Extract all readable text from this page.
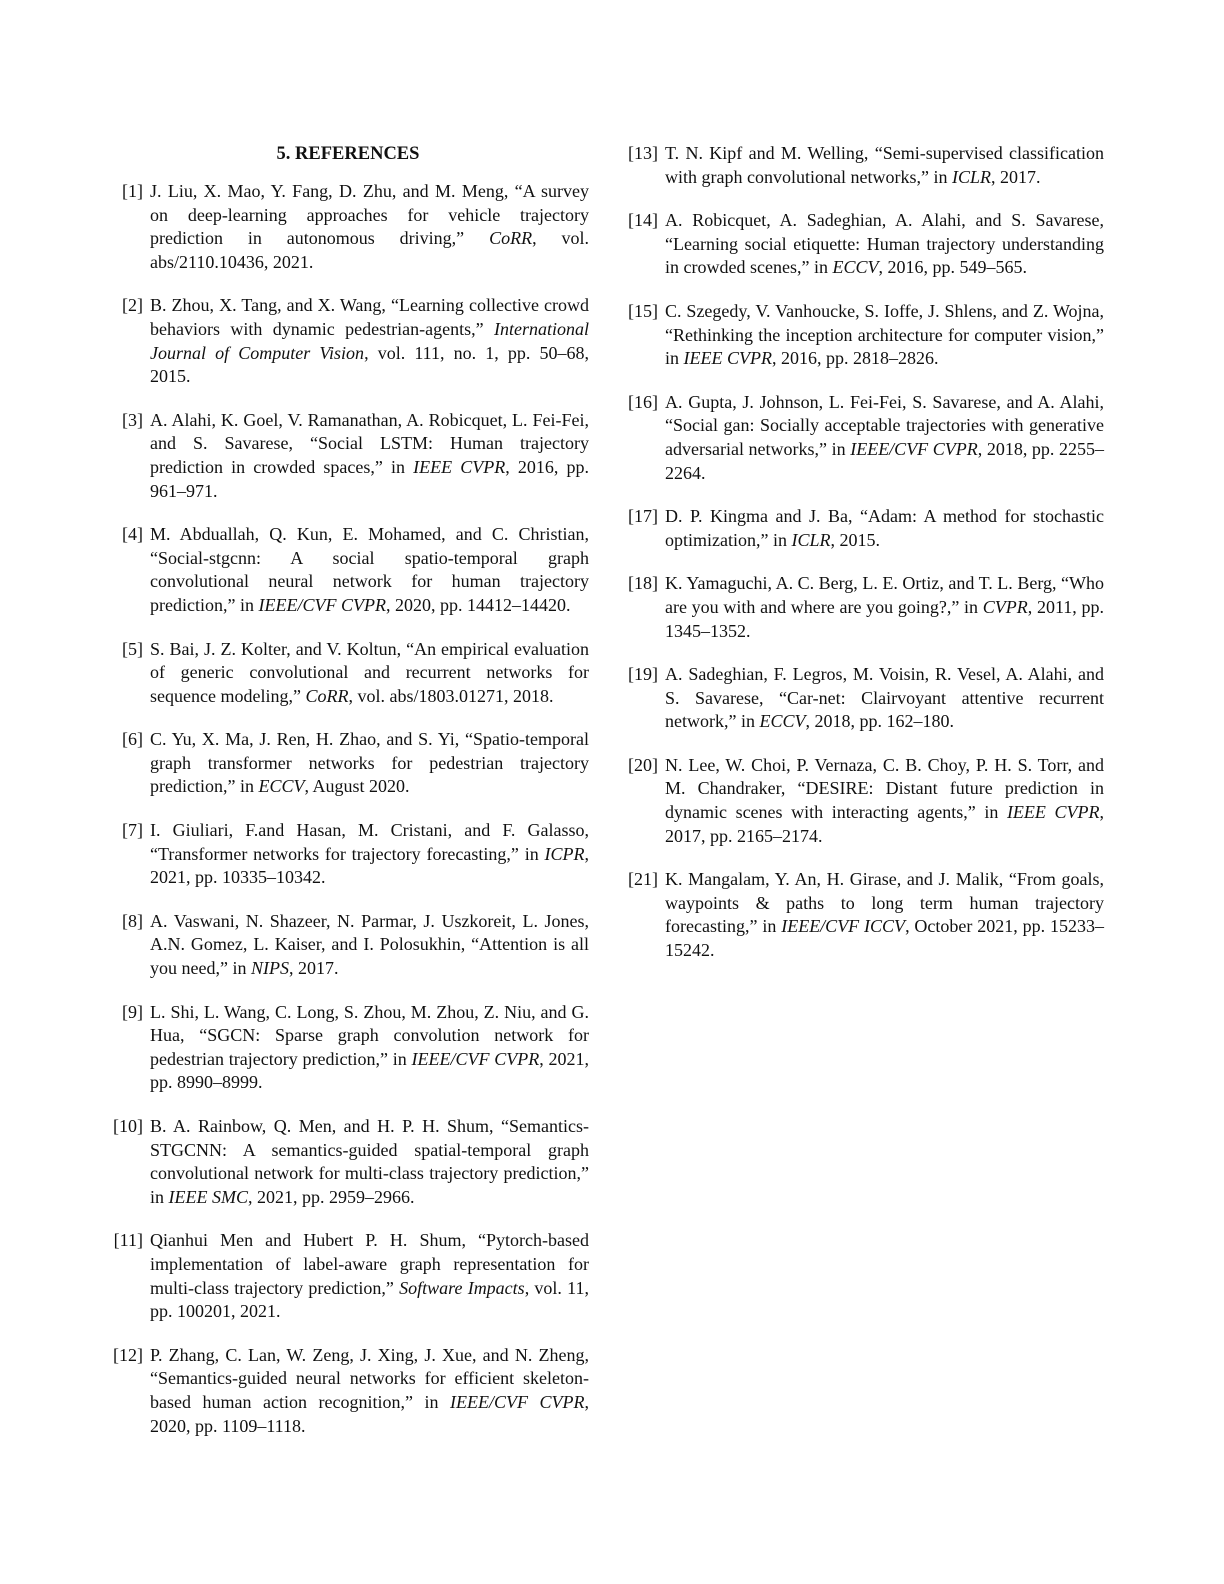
5. REFERENCES
[1] J. Liu, X. Mao, Y. Fang, D. Zhu, and M. Meng, “A survey on deep-learning approaches for vehicle trajectory prediction in autonomous driving,” CoRR, vol. abs/2110.10436, 2021.
[2] B. Zhou, X. Tang, and X. Wang, “Learning collective crowd behaviors with dynamic pedestrian-agents,” International Journal of Computer Vision, vol. 111, no. 1, pp. 50–68, 2015.
[3] A. Alahi, K. Goel, V. Ramanathan, A. Robicquet, L. Fei-Fei, and S. Savarese, “Social LSTM: Human trajectory prediction in crowded spaces,” in IEEE CVPR, 2016, pp. 961–971.
[4] M. Abduallah, Q. Kun, E. Mohamed, and C. Christian, “Social-stgcnn: A social spatio-temporal graph convolutional neural network for human trajectory prediction,” in IEEE/CVF CVPR, 2020, pp. 14412–14420.
[5] S. Bai, J. Z. Kolter, and V. Koltun, “An empirical evaluation of generic convolutional and recurrent networks for sequence modeling,” CoRR, vol. abs/1803.01271, 2018.
[6] C. Yu, X. Ma, J. Ren, H. Zhao, and S. Yi, “Spatio-temporal graph transformer networks for pedestrian trajectory prediction,” in ECCV, August 2020.
[7] I. Giuliari, F.and Hasan, M. Cristani, and F. Galasso, “Transformer networks for trajectory forecasting,” in ICPR, 2021, pp. 10335–10342.
[8] A. Vaswani, N. Shazeer, N. Parmar, J. Uszkoreit, L. Jones, A.N. Gomez, L. Kaiser, and I. Polosukhin, “Attention is all you need,” in NIPS, 2017.
[9] L. Shi, L. Wang, C. Long, S. Zhou, M. Zhou, Z. Niu, and G. Hua, “SGCN: Sparse graph convolution network for pedestrian trajectory prediction,” in IEEE/CVF CVPR, 2021, pp. 8990–8999.
[10] B. A. Rainbow, Q. Men, and H. P. H. Shum, “Semantics-STGCNN: A semantics-guided spatial-temporal graph convolutional network for multi-class trajectory prediction,” in IEEE SMC, 2021, pp. 2959–2966.
[11] Qianhui Men and Hubert P. H. Shum, “Pytorch-based implementation of label-aware graph representation for multi-class trajectory prediction,” Software Impacts, vol. 11, pp. 100201, 2021.
[12] P. Zhang, C. Lan, W. Zeng, J. Xing, J. Xue, and N. Zheng, “Semantics-guided neural networks for efficient skeleton-based human action recognition,” in IEEE/CVF CVPR, 2020, pp. 1109–1118.
[13] T. N. Kipf and M. Welling, “Semi-supervised classification with graph convolutional networks,” in ICLR, 2017.
[14] A. Robicquet, A. Sadeghian, A. Alahi, and S. Savarese, “Learning social etiquette: Human trajectory understanding in crowded scenes,” in ECCV, 2016, pp. 549–565.
[15] C. Szegedy, V. Vanhoucke, S. Ioffe, J. Shlens, and Z. Wojna, “Rethinking the inception architecture for computer vision,” in IEEE CVPR, 2016, pp. 2818–2826.
[16] A. Gupta, J. Johnson, L. Fei-Fei, S. Savarese, and A. Alahi, “Social gan: Socially acceptable trajectories with generative adversarial networks,” in IEEE/CVF CVPR, 2018, pp. 2255–2264.
[17] D. P. Kingma and J. Ba, “Adam: A method for stochastic optimization,” in ICLR, 2015.
[18] K. Yamaguchi, A. C. Berg, L. E. Ortiz, and T. L. Berg, “Who are you with and where are you going?,” in CVPR, 2011, pp. 1345–1352.
[19] A. Sadeghian, F. Legros, M. Voisin, R. Vesel, A. Alahi, and S. Savarese, “Car-net: Clairvoyant attentive recurrent network,” in ECCV, 2018, pp. 162–180.
[20] N. Lee, W. Choi, P. Vernaza, C. B. Choy, P. H. S. Torr, and M. Chandraker, “DESIRE: Distant future prediction in dynamic scenes with interacting agents,” in IEEE CVPR, 2017, pp. 2165–2174.
[21] K. Mangalam, Y. An, H. Girase, and J. Malik, “From goals, waypoints & paths to long term human trajectory forecasting,” in IEEE/CVF ICCV, October 2021, pp. 15233–15242.
